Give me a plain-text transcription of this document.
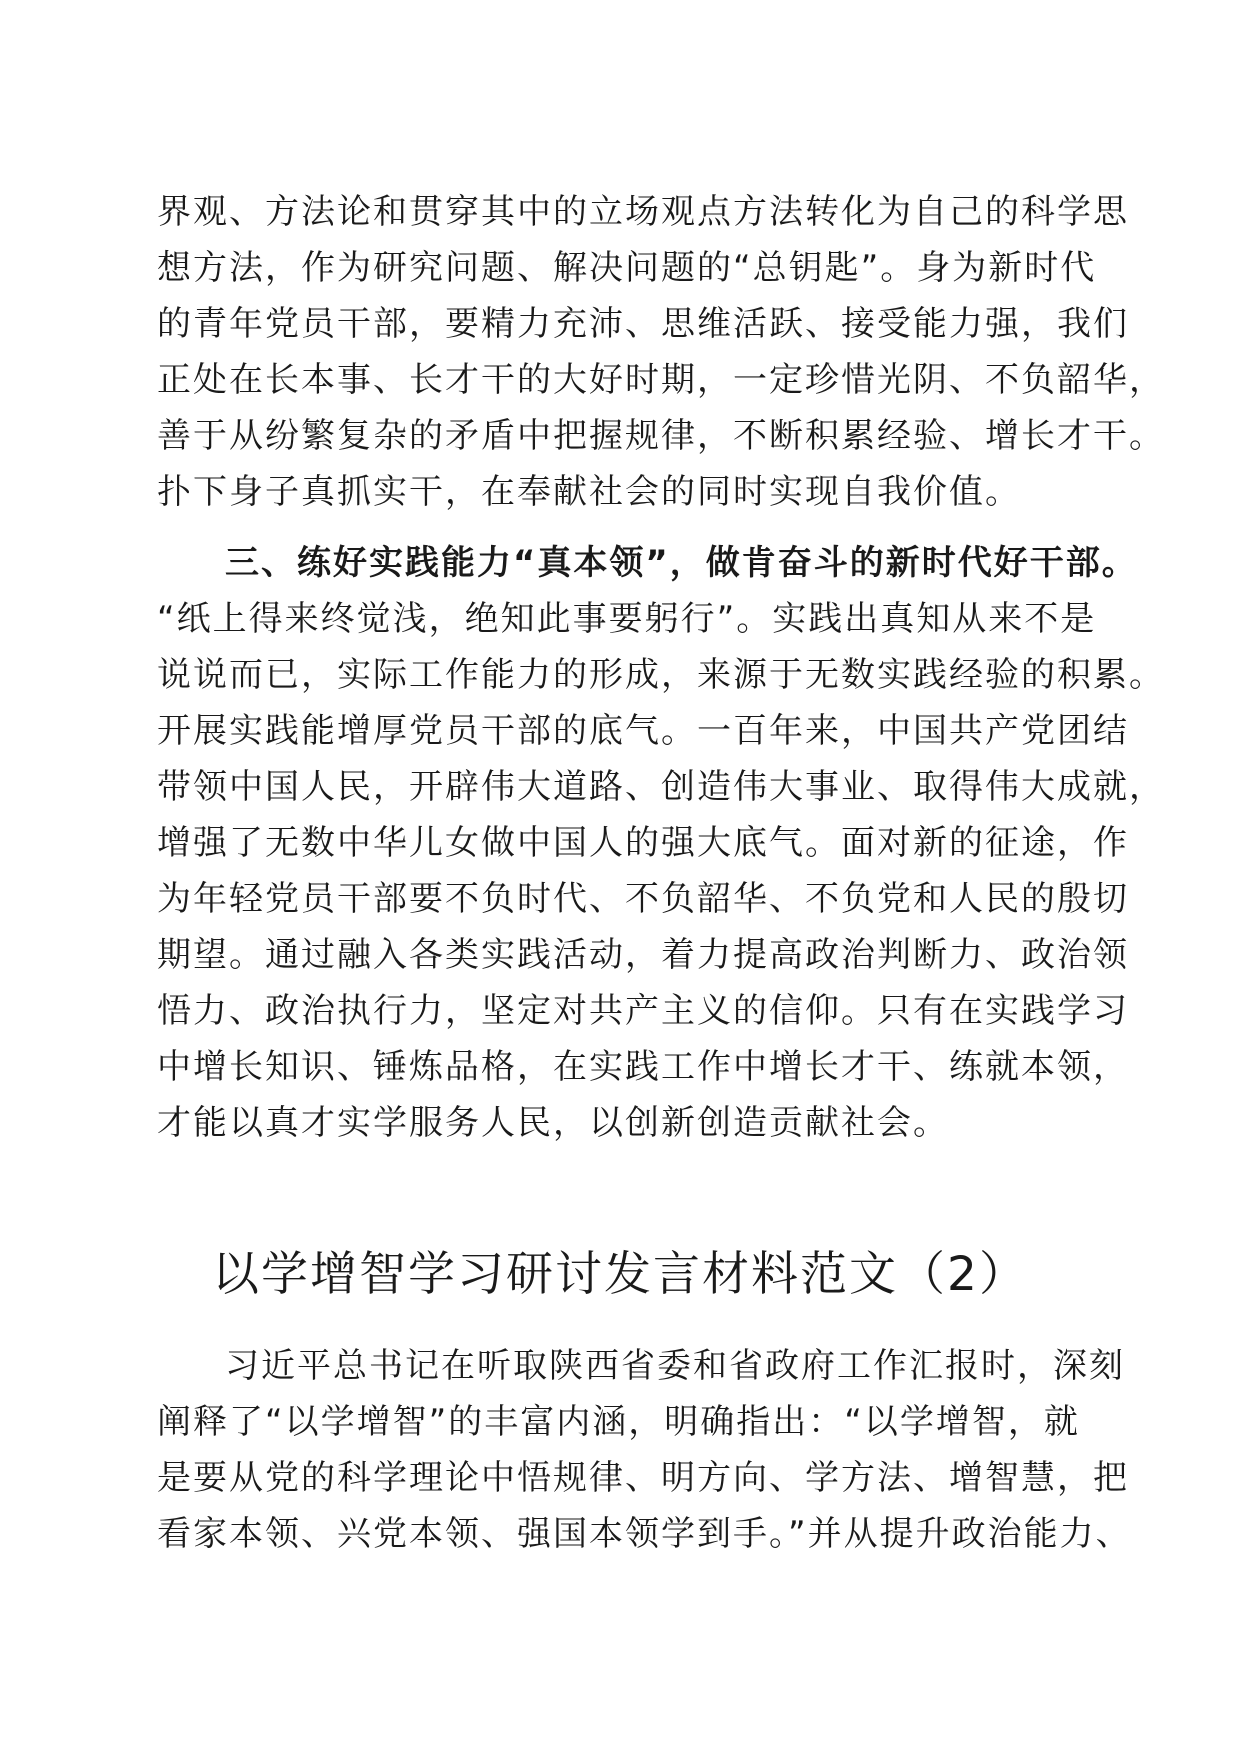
界观、方法论和贯穿其中的立场观点方法转化为自己的科学思
想方法，作为研究问题、解决问题的“总钥匙”。身为新时代
的青年党员干部，要精力充沛、思维活跃、接受能力强，我们
正处在长本事、长才干的大好时期，一定珍惜光阴、不负韶华，
善于从纷繁复杂的矛盾中把握规律，不断积累经验、增长才干。
扑下身子真抓实干，在奉献社会的同时实现自我价值。
三、练好实践能力“真本领”，做肯奋斗的新时代好干部。
“纸上得来终觉浅，绝知此事要躬行”。实践出真知从来不是
说说而已，实际工作能力的形成，来源于无数实践经验的积累。
开展实践能增厚党员干部的底气。一百年来，中国共产党团结
带领中国人民，开辟伟大道路、创造伟大事业、取得伟大成就，
增强了无数中华儿女做中国人的强大底气。面对新的征途，作
为年轻党员干部要不负时代、不负韶华、不负党和人民的殷切
期望。通过融入各类实践活动，着力提高政治判断力、政治领
悟力、政治执行力，坚定对共产主义的信仰。只有在实践学习
中增长知识、锤炼品格，在实践工作中增长才干、练就本领，
才能以真才实学服务人民，以创新创造贡献社会。
以学增智学习研讨发言材料范文（2）
习近平总书记在听取陕西省委和省政府工作汇报时，深刻
阐释了“以学增智”的丰富内涵，明确指出：“以学增智，就
是要从党的科学理论中悟规律、明方向、学方法、增智慧，把
看家本领、兴党本领、强国本领学到手。”并从提升政治能力、
